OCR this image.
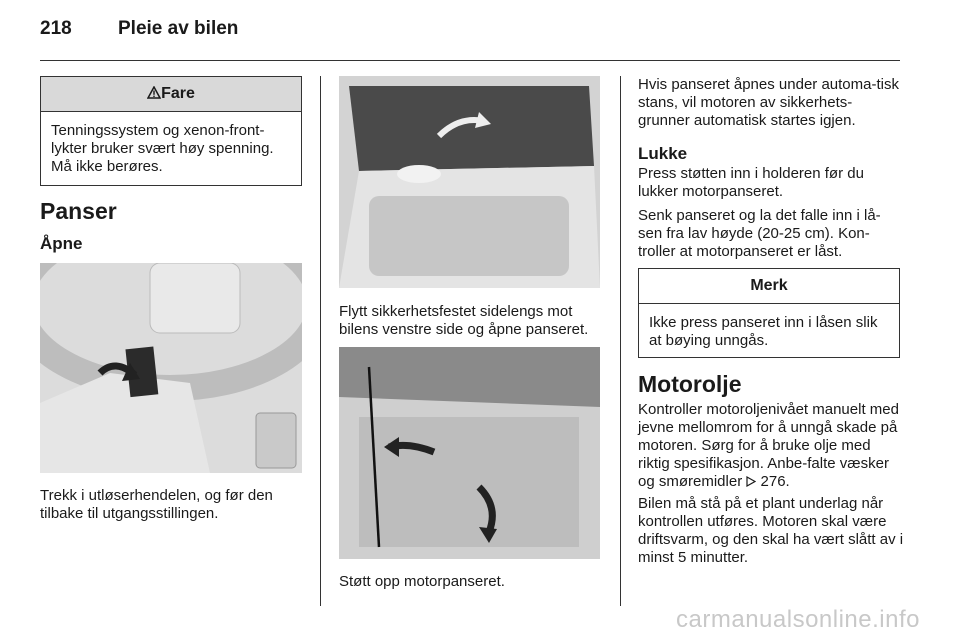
218 Pleie av bilen
Fare
Tenningssystem og xenon-front-lykter bruker svært høy spenning. Må ikke berøres.
Panser
Åpne
Trekk i utløserhendelen, og før den tilbake til utgangsstillingen.
Flytt sikkerhetsfestet sidelengs mot bilens venstre side og åpne panseret.
Støtt opp motorpanseret.
Hvis panseret åpnes under automa-tisk stans, vil motoren av sikkerhets-grunner automatisk startes igjen.
Lukke
Press støtten inn i holderen før du lukker motorpanseret.
Senk panseret og la det falle inn i lå-sen fra lav høyde (20-25 cm). Kon-troller at motorpanseret er låst.
Merk
Ikke press panseret inn i låsen slik at bøying unngås.
Motorolje
Kontroller motoroljenivået manuelt med jevne mellomrom for å unngå skade på motoren. Sørg for å bruke olje med riktig spesifikasjon. Anbe-falte væsker og smøremidler 276.
Bilen må stå på et plant underlag når kontrollen utføres. Motoren skal være driftsvarm, og den skal ha vært slått av i minst 5 minutter.
carmanualsonline.info
